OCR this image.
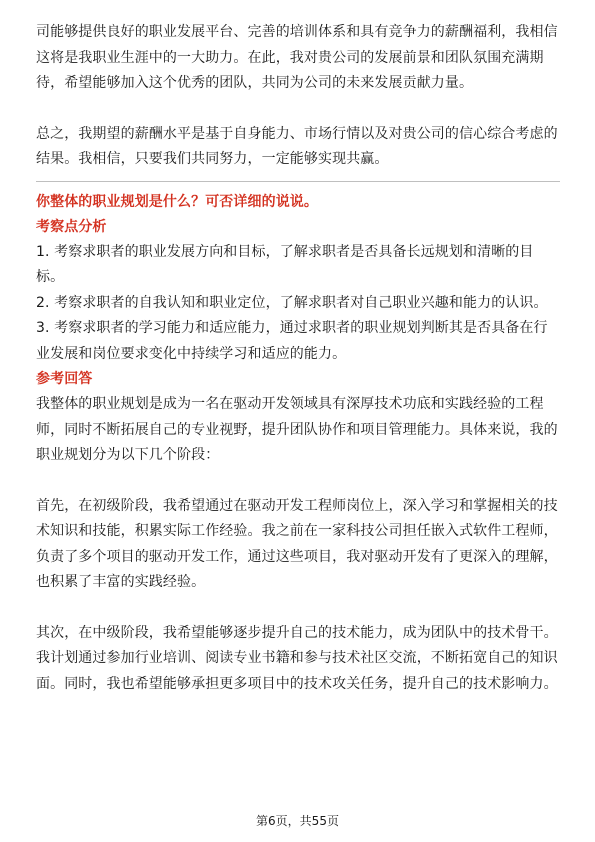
司能够提供良好的职业发展平台、完善的培训体系和具有竞争力的薪酬福利，我相信这将是我职业生涯中的一大助力。在此，我对贵公司的发展前景和团队氛围充满期待，希望能够加入这个优秀的团队，共同为公司的未来发展贡献力量。

总之，我期望的薪酬水平是基于自身能力、市场行情以及对贵公司的信心综合考虑的结果。我相信，只要我们共同努力，一定能够实现共赢。

你整体的职业规划是什么？可否详细的说说。

考察点分析

1. 考察求职者的职业发展方向和目标，了解求职者是否具备长远规划和清晰的目标。

2. 考察求职者的自我认知和职业定位，了解求职者对自己职业兴趣和能力的认识。

3. 考察求职者的学习能力和适应能力，通过求职者的职业规划判断其是否具备在行业发展和岗位要求变化中持续学习和适应的能力。

参考回答

我整体的职业规划是成为一名在驱动开发领域具有深厚技术功底和实践经验的工程师，同时不断拓展自己的专业视野，提升团队协作和项目管理能力。具体来说，我的职业规划分为以下几个阶段：

首先，在初级阶段，我希望通过在驱动开发工程师岗位上，深入学习和掌握相关的技术知识和技能，积累实际工作经验。我之前在一家科技公司担任嵌入式软件工程师，负责了多个项目的驱动开发工作，通过这些项目，我对驱动开发有了更深入的理解，也积累了丰富的实践经验。

其次，在中级阶段，我希望能够逐步提升自己的技术能力，成为团队中的技术骨干。我计划通过参加行业培训、阅读专业书籍和参与技术社区交流，不断拓宽自己的知识面。同时，我也希望能够承担更多项目中的技术攻关任务，提升自己的技术影响力。

第6页，共55页
